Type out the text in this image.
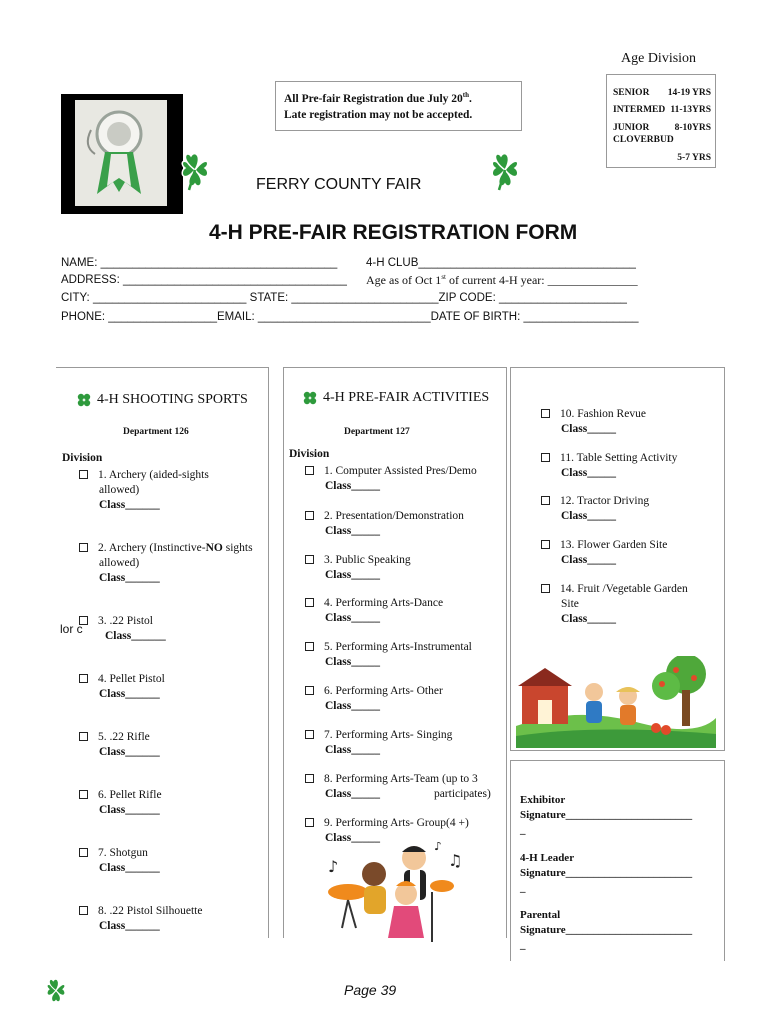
All Pre-fair Registration due July 20th.
Late registration may not be accepted.
Age Division
SENIOR 14-19 YRS
INTERMED 11-13YRS
JUNIOR	8-10YRS
CLOVERBUD
5-7 YRS
FERRY COUNTY FAIR
4-H PRE-FAIR REGISTRATION FORM
NAME: _____________________________________ 4-H CLUB__________________________________
ADDRESS: ___________________________________ Age as of Oct 1st of current 4-H year: _______________
CITY: ________________________ STATE: _______________________ZIP CODE: ____________________
PHONE: _________________EMAIL: ___________________________DATE OF BIRTH: __________________
4-H SHOOTING SPORTS
Department 126
Division
1. Archery (aided-sights
allowed)
Class______
2. Archery (Instinctive-NO sights
allowed)
Class______
3. .22 Pistol
Class______
lor c
4. Pellet Pistol
Class______
5. .22 Rifle
Class______
6. Pellet Rifle
Class______
7. Shotgun
Class______
8. .22 Pistol Silhouette
Class______
4-H PRE-FAIR ACTIVITIES
Department 127
Division
1. Computer Assisted Pres/Demo
Class_____
2. Presentation/Demonstration
Class_____
3. Public Speaking
Class_____
4. Performing Arts-Dance
Class_____
5. Performing Arts-Instrumental
Class_____
6. Performing Arts- Other
Class_____
7. Performing Arts- Singing
Class_____
8. Performing Arts-Team (up to 3
Class_____	participates)
9. Performing Arts- Group(4 +)
Class_____
♪	♫
♪
10. Fashion Revue
Class_____
11. Table Setting Activity
Class_____
12. Tractor Driving
Class_____
13. Flower Garden Site
Class_____
14. Fruit /Vegetable Garden
Site
Class_____
Exhibitor
Signature_______________________
_
4-H Leader
Signature_______________________
_
Parental
Signature_______________________
_
Page 39
